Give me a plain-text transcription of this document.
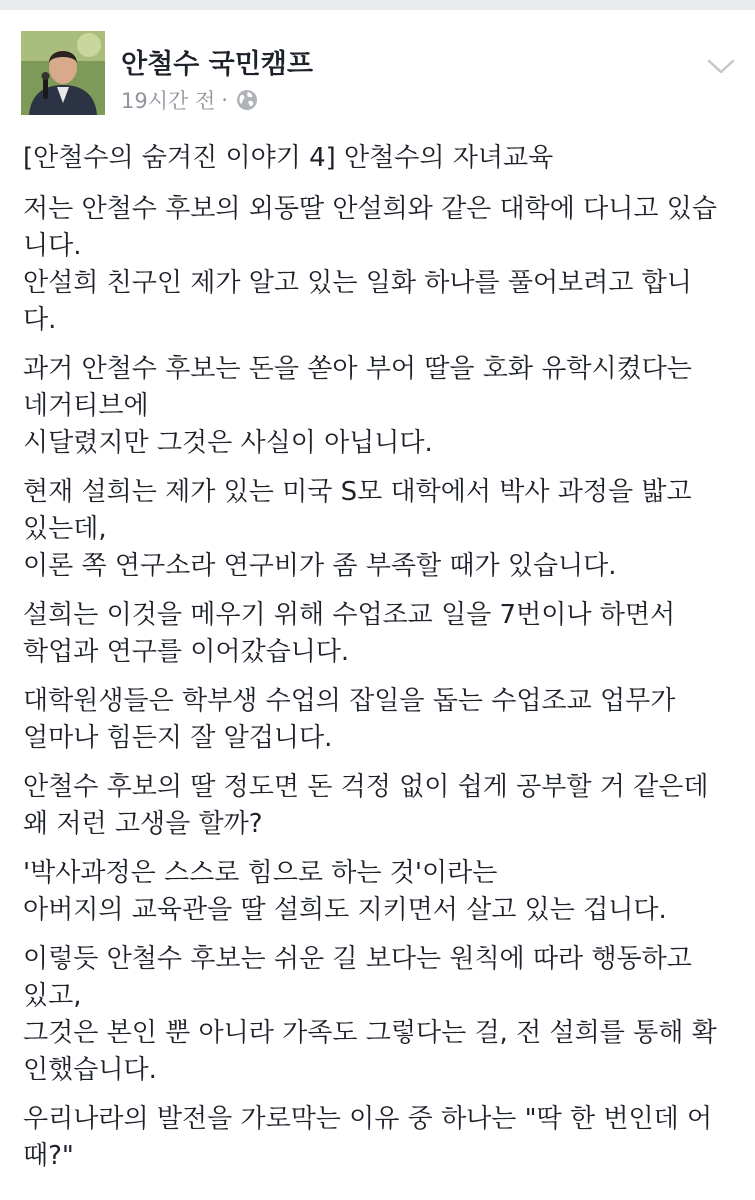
안철수 국민캠프
19시간 전 ·

[안철수의 숨겨진 이야기 4] 안철수의 자녀교육

저는 안철수 후보의 외동딸 안설희와 같은 대학에 다니고 있습
니다.
안설희 친구인 제가 알고 있는 일화 하나를 풀어보려고 합니
다.

과거 안철수 후보는 돈을 쏟아 부어 딸을 호화 유학시켰다는
네거티브에
시달렸지만 그것은 사실이 아닙니다.

현재 설희는 제가 있는 미국 S모 대학에서 박사 과정을 밟고
있는데,
이론 쪽 연구소라 연구비가 좀 부족할 때가 있습니다.

설희는 이것을 메우기 위해 수업조교 일을 7번이나 하면서
학업과 연구를 이어갔습니다.

대학원생들은 학부생 수업의 잡일을 돕는 수업조교 업무가
얼마나 힘든지 잘 알겁니다.

안철수 후보의 딸 정도면 돈 걱정 없이 쉽게 공부할 거 같은데
왜 저런 고생을 할까?

'박사과정은 스스로 힘으로 하는 것'이라는
아버지의 교육관을 딸 설희도 지키면서 살고 있는 겁니다.

이렇듯 안철수 후보는 쉬운 길 보다는 원칙에 따라 행동하고
있고,
그것은 본인 뿐 아니라 가족도 그렇다는 걸, 전 설희를 통해 확
인했습니다.

우리나라의 발전을 가로막는 이유 중 하나는 "딱 한 번인데 어
때?"
